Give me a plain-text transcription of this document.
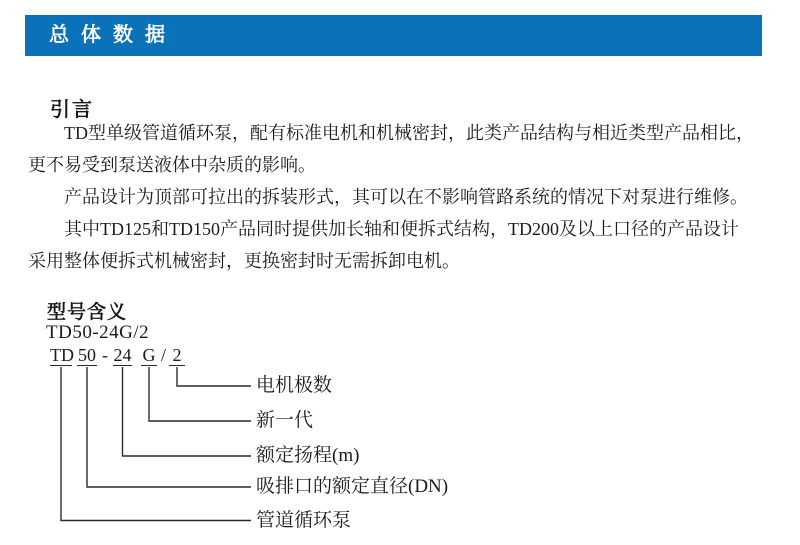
总体数据
引言
TD型单级管道循环泵，配有标准电机和机械密封，此类产品结构与相近类型产品相比，
更不易受到泵送液体中杂质的影响。
产品设计为顶部可拉出的拆装形式，其可以在不影响管路系统的情况下对泵进行维修。
其中TD125和TD150产品同时提供加长轴和便拆式结构，TD200及以上口径的产品设计
采用整体便拆式机械密封，更换密封时无需拆卸电机。
型号含义
TD50-24G/2
TD 50 - 24 G / 2
电机极数
新一代
额定扬程(m)
吸排口的额定直径(DN)
管道循环泵
